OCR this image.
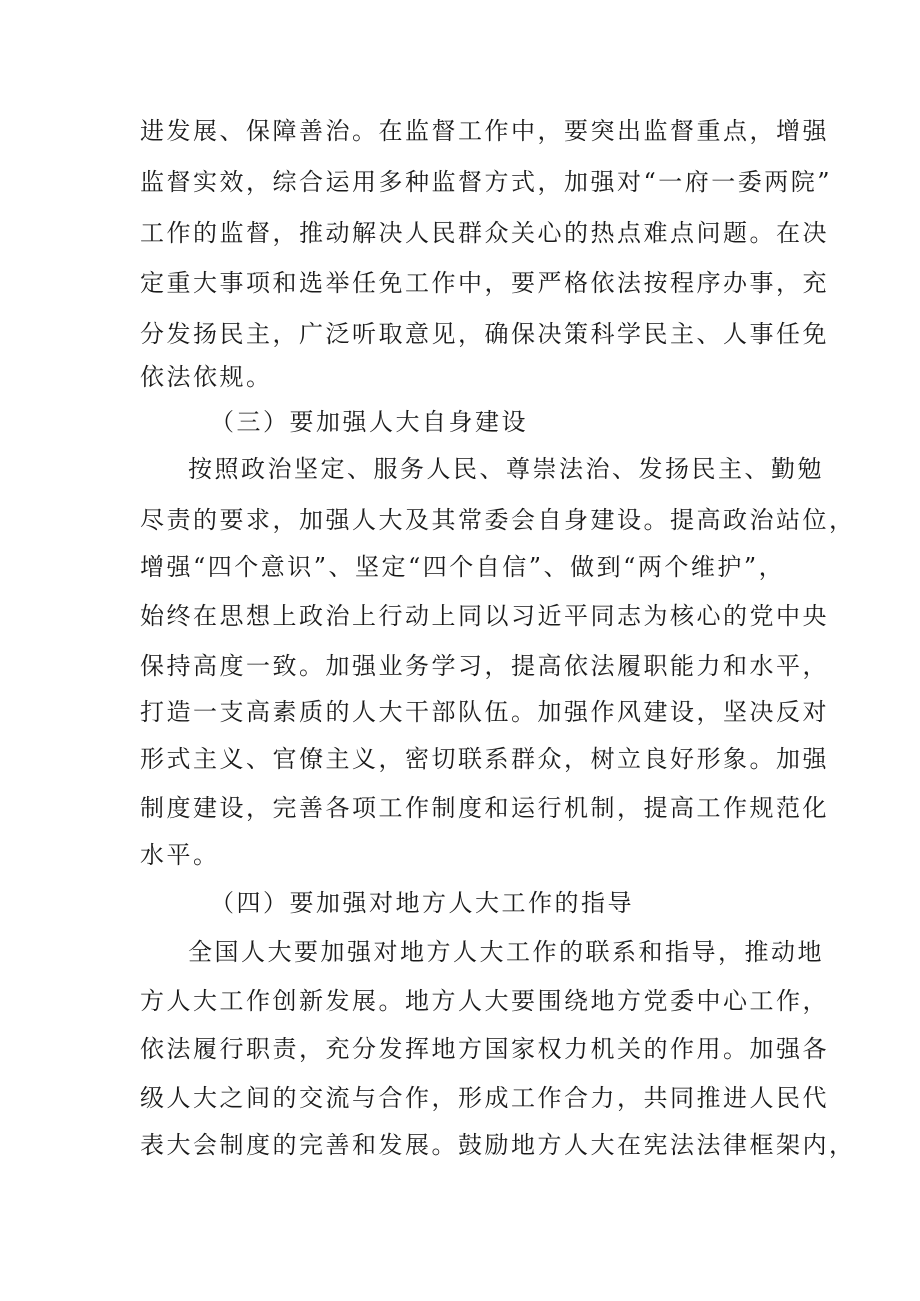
进发展、保障善治。在监督工作中，要突出监督重点，增强
监督实效，综合运用多种监督方式，加强对“一府一委两院”
工作的监督，推动解决人民群众关心的热点难点问题。在决
定重大事项和选举任免工作中，要严格依法按程序办事，充
分发扬民主，广泛听取意见，确保决策科学民主、人事任免
依法依规。
（三）要加强人大自身建设
按照政治坚定、服务人民、尊崇法治、发扬民主、勤勉
尽责的要求，加强人大及其常委会自身建设。提高政治站位，
增强“四个意识”、坚定“四个自信”、做到“两个维护”，
始终在思想上政治上行动上同以习近平同志为核心的党中央
保持高度一致。加强业务学习，提高依法履职能力和水平，
打造一支高素质的人大干部队伍。加强作风建设，坚决反对
形式主义、官僚主义，密切联系群众，树立良好形象。加强
制度建设，完善各项工作制度和运行机制，提高工作规范化
水平。
（四）要加强对地方人大工作的指导
全国人大要加强对地方人大工作的联系和指导，推动地
方人大工作创新发展。地方人大要围绕地方党委中心工作，
依法履行职责，充分发挥地方国家权力机关的作用。加强各
级人大之间的交流与合作，形成工作合力，共同推进人民代
表大会制度的完善和发展。鼓励地方人大在宪法法律框架内，
